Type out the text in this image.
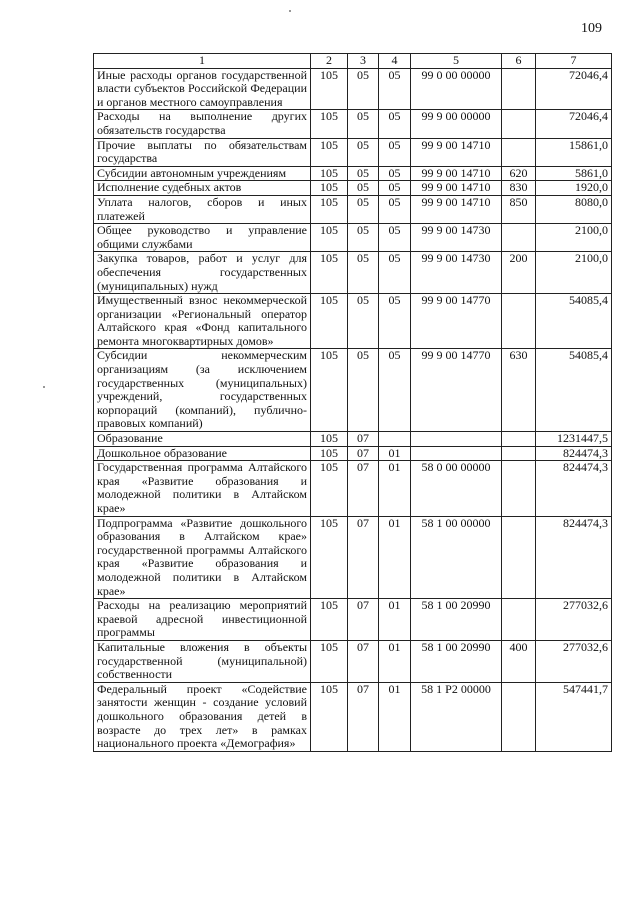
109
1	2	3	4	5	6	7
Иные расходы органов государственной власти субъектов Российской Федерации и органов местного самоуправления	105	05	05	99 0 00 00000		72046,4
Расходы на выполнение других обязательств государства	105	05	05	99 9 00 00000		72046,4
Прочие выплаты по обязательствам государства	105	05	05	99 9 00 14710		15861,0
Субсидии автономным учреждениям	105	05	05	99 9 00 14710	620	5861,0
Исполнение судебных актов	105	05	05	99 9 00 14710	830	1920,0
Уплата налогов, сборов и иных платежей	105	05	05	99 9 00 14710	850	8080,0
Общее руководство и управление общими службами	105	05	05	99 9 00 14730		2100,0
Закупка товаров, работ и услуг для обеспечения государственных (муниципальных) нужд	105	05	05	99 9 00 14730	200	2100,0
Имущественный взнос некоммерческой организации «Региональный оператор Алтайского края «Фонд капитального ремонта многоквартирных домов»	105	05	05	99 9 00 14770		54085,4
Субсидии некоммерческим организациям (за исключением государственных (муниципальных) учреждений, государственных корпораций (компаний), публично-правовых компаний)	105	05	05	99 9 00 14770	630	54085,4
Образование	105	07				1231447,5
Дошкольное образование	105	07	01			824474,3
Государственная программа Алтайского края «Развитие образования и молодежной политики в Алтайском крае»	105	07	01	58 0 00 00000		824474,3
Подпрограмма «Развитие дошкольного образования в Алтайском крае» государственной программы Алтайского края «Развитие образования и молодежной политики в Алтайском крае»	105	07	01	58 1 00 00000		824474,3
Расходы на реализацию мероприятий краевой адресной инвестиционной программы	105	07	01	58 1 00 20990		277032,6
Капитальные вложения в объекты государственной (муниципальной) собственности	105	07	01	58 1 00 20990	400	277032,6
Федеральный проект «Содействие занятости женщин - создание условий дошкольного образования детей в возрасте до трех лет» в рамках национального проекта «Демография»	105	07	01	58 1 P2 00000		547441,7
